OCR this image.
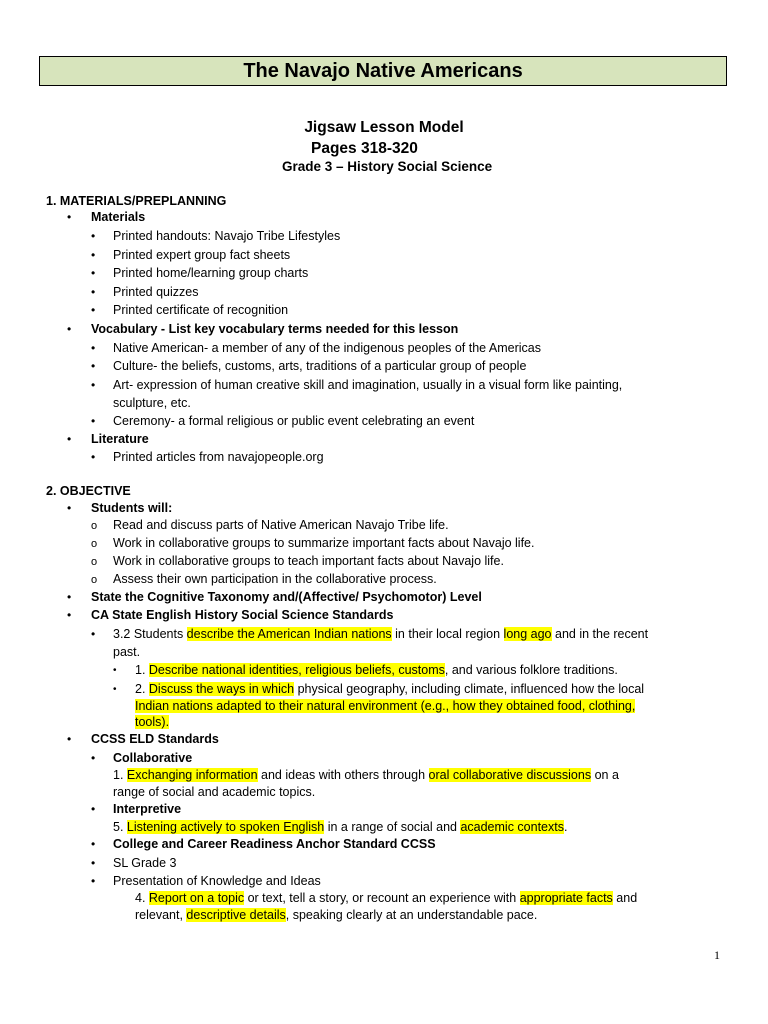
The Navajo Native Americans
Jigsaw Lesson Model
Pages 318-320
Grade 3 – History Social Science
1. MATERIALS/PREPLANNING
• Materials
• Printed handouts: Navajo Tribe Lifestyles
• Printed expert group fact sheets
• Printed home/learning group charts
• Printed quizzes
• Printed certificate of recognition
• Vocabulary - List key vocabulary terms needed for this lesson
• Native American- a member of any of the indigenous peoples of the Americas
• Culture- the beliefs, customs, arts, traditions of a particular group of people
• Art- expression of human creative skill and imagination, usually in a visual form like painting,
sculpture, etc.
• Ceremony- a formal religious or public event celebrating an event
• Literature
• Printed articles from navajopeople.org
2. OBJECTIVE
• Students will:
o Read and discuss parts of Native American Navajo Tribe life.
o Work in collaborative groups to summarize important facts about Navajo life.
o Work in collaborative groups to teach important facts about Navajo life.
o Assess their own participation in the collaborative process.
• State the Cognitive Taxonomy and/(Affective/ Psychomotor) Level
• CA State English History Social Science Standards
• 3.2 Students describe the American Indian nations in their local region long ago and in the recent
past.
• 1. Describe national identities, religious beliefs, customs, and various folklore traditions.
• 2. Discuss the ways in which physical geography, including climate, influenced how the local
Indian nations adapted to their natural environment (e.g., how they obtained food, clothing,
tools).
• CCSS ELD Standards
• Collaborative
1. Exchanging information and ideas with others through oral collaborative discussions on a
range of social and academic topics.
• Interpretive
5. Listening actively to spoken English in a range of social and academic contexts.
• College and Career Readiness Anchor Standard CCSS
• SL Grade 3
• Presentation of Knowledge and Ideas
4. Report on a topic or text, tell a story, or recount an experience with appropriate facts and
relevant, descriptive details, speaking clearly at an understandable pace.
1
